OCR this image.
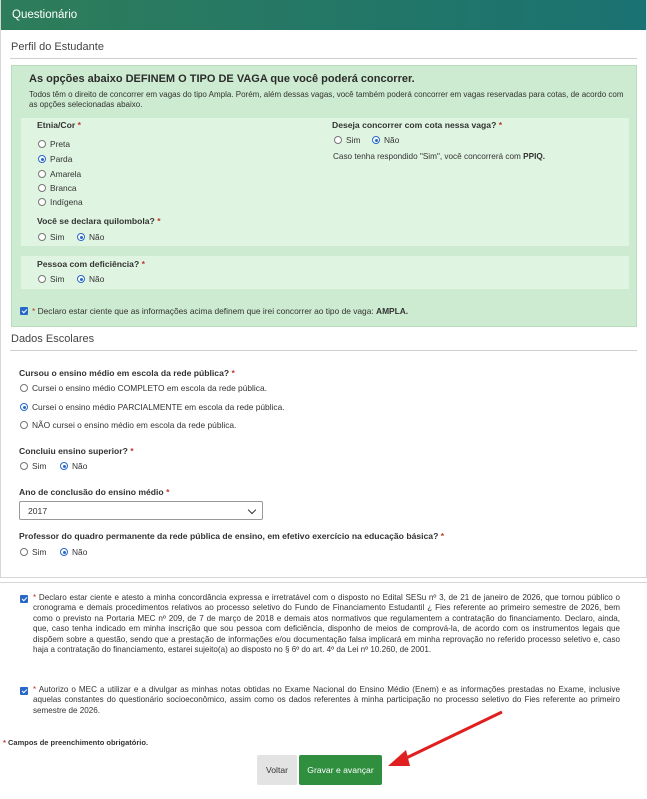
Questionário
Perfil do Estudante
As opções abaixo DEFINEM O TIPO DE VAGA que você poderá concorrer.
Todos têm o direito de concorrer em vagas do tipo Ampla. Porém, além dessas vagas, você também poderá concorrer em vagas reservadas para cotas, de acordo com as opções selecionadas abaixo.
Etnia/Cor *
Preta
Parda
Amarela
Branca
Indígena
Você se declara quilombola? *
Sim	Não
Deseja concorrer com cota nessa vaga? *
Sim	Não
Caso tenha respondido "Sim", você concorrerá com PPIQ.
Pessoa com deficiência? *
Sim	Não
*
Declaro estar ciente que as informações acima definem que irei concorrer ao tipo de vaga:
AMPLA.
Dados Escolares
Cursou o ensino médio em escola da rede pública? *
Cursei o ensino médio COMPLETO em escola da rede pública.
Cursei o ensino médio PARCIALMENTE em escola da rede pública.
NÃO cursei o ensino médio em escola da rede pública.
Concluiu ensino superior? *
Sim	Não
Ano de conclusão do ensino médio *
2017
Professor do quadro permanente da rede pública de ensino, em efetivo exercício na educação básica? *
Sim	Não

* Declaro estar ciente e atesto a minha concordância expressa e irretratável com o disposto no Edital SESu nº 3, de 21 de janeiro de 2026, que tornou público o cronograma e demais procedimentos relativos ao processo seletivo do Fundo de Financiamento Estudantil ¿ Fies referente ao primeiro semestre de 2026, bem como o previsto na Portaria MEC nº 209, de 7 de março de 2018 e demais atos normativos que regulamentem a contratação do financiamento. Declaro, ainda, que, caso tenha indicado em minha inscrição que sou pessoa com deficiência, disponho de meios de comprová-la, de acordo com os instrumentos legais que dispõem sobre a questão, sendo que a prestação de informações e/ou documentação falsa implicará em minha reprovação no referido processo seletivo e, caso haja a contratação do financiamento, estarei sujeito(a) ao disposto no § 6º do art. 4º da Lei nº 10.260, de 2001.

* Autorizo o MEC a utilizar e a divulgar as minhas notas obtidas no Exame Nacional do Ensino Médio (Enem) e as informações prestadas no Exame, inclusive aquelas constantes do questionário socioeconômico, assim como os dados referentes à minha participação no processo seletivo do Fies referente ao primeiro semestre de 2026.

* Campos de preenchimento obrigatório.
Voltar	Gravar e avançar
